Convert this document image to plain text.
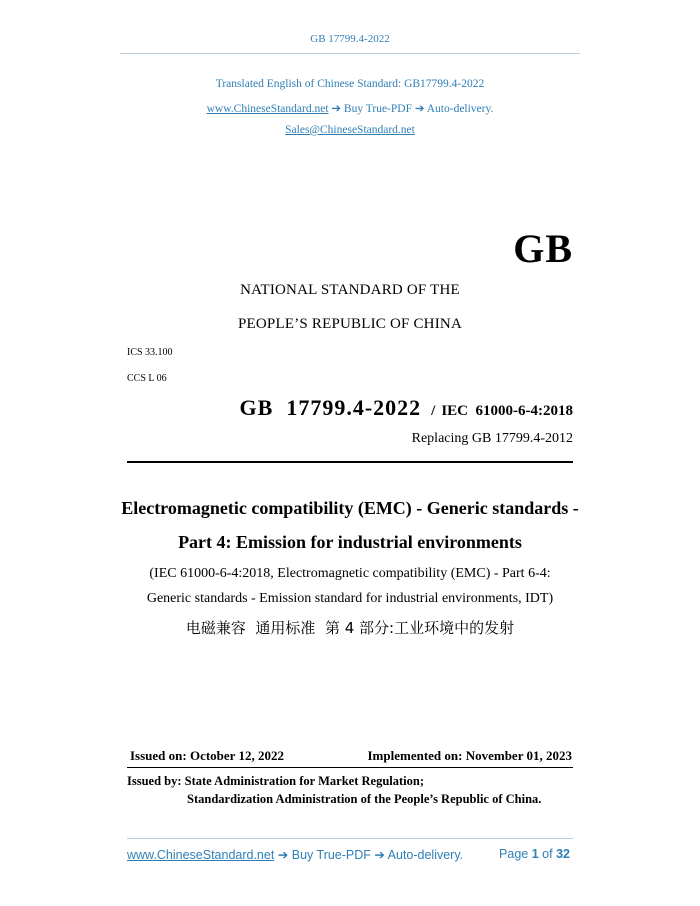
GB 17799.4-2022
Translated English of Chinese Standard: GB17799.4-2022
www.ChineseStandard.net ➔ Buy True-PDF ➔ Auto-delivery.
Sales@ChineseStandard.net
GB
NATIONAL STANDARD OF THE
PEOPLE’S REPUBLIC OF CHINA
ICS 33.100
CCS L 06
GB  17799.4-2022 / IEC  61000-6-4:2018
Replacing GB 17799.4-2012
Electromagnetic compatibility (EMC) - Generic standards -
Part 4: Emission for industrial environments
(IEC 61000-6-4:2018, Electromagnetic compatibility (EMC) - Part 6-4:
Generic standards - Emission standard for industrial environments, IDT)
电磁兼容  通用标准  第 4 部分:工业环境中的发射
Issued on: October 12, 2022	Implemented on: November 01, 2023
Issued by: State Administration for Market Regulation;
Standardization Administration of the People’s Republic of China.
www.ChineseStandard.net ➔ Buy True-PDF ➔ Auto-delivery.	Page 1 of 32
